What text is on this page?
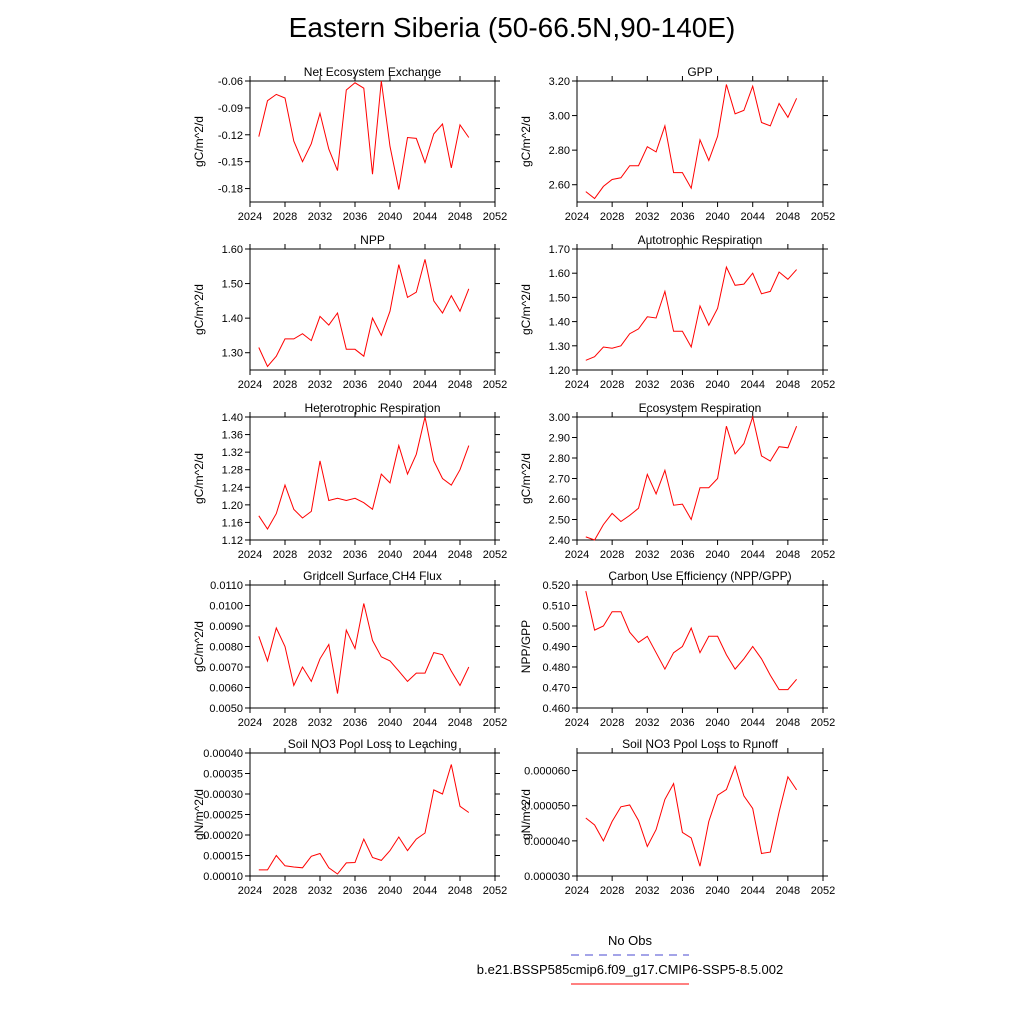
Eastern Siberia (50-66.5N,90-140E)
Net Ecosystem Exchange
2024 2028 2032 2036 2040 2044 2048 2052
-0.18
-0.15
-0.12
-0.09
-0.06
gC/m^2/d
GPP
2024 2028 2032 2036 2040 2044 2048 2052
2.60
2.80
3.00
3.20
gC/m^2/d
NPP
2024 2028 2032 2036 2040 2044 2048 2052
1.30
1.40
1.50
1.60
gC/m^2/d
Autotrophic Respiration
2024 2028 2032 2036 2040 2044 2048 2052
1.20
1.30
1.40
1.50
1.60
1.70
gC/m^2/d
Heterotrophic Respiration
2024 2028 2032 2036 2040 2044 2048 2052
1.12
1.16
1.20
1.24
1.28
1.32
1.36
1.40
gC/m^2/d
Ecosystem Respiration
2024 2028 2032 2036 2040 2044 2048 2052
2.40
2.50
2.60
2.70
2.80
2.90
3.00
gC/m^2/d
Gridcell Surface CH4 Flux
2024 2028 2032 2036 2040 2044 2048 2052
0.0050
0.0060
0.0070
0.0080
0.0090
0.0100
0.0110
gC/m^2/d
Carbon Use Efficiency (NPP/GPP)
2024 2028 2032 2036 2040 2044 2048 2052
0.460
0.470
0.480
0.490
0.500
0.510
0.520
NPP/GPP
Soil NO3 Pool Loss to Leaching
2024 2028 2032 2036 2040 2044 2048 2052
0.00010
0.00015
0.00020
0.00025
0.00030
0.00035
0.00040
gN/m^2/d
Soil NO3 Pool Loss to Runoff
2024 2028 2032 2036 2040 2044 2048 2052
0.000030
0.000040
0.000050
0.000060
gN/m^2/d
No Obs
b.e21.BSSP585cmip6.f09_g17.CMIP6-SSP5-8.5.002
